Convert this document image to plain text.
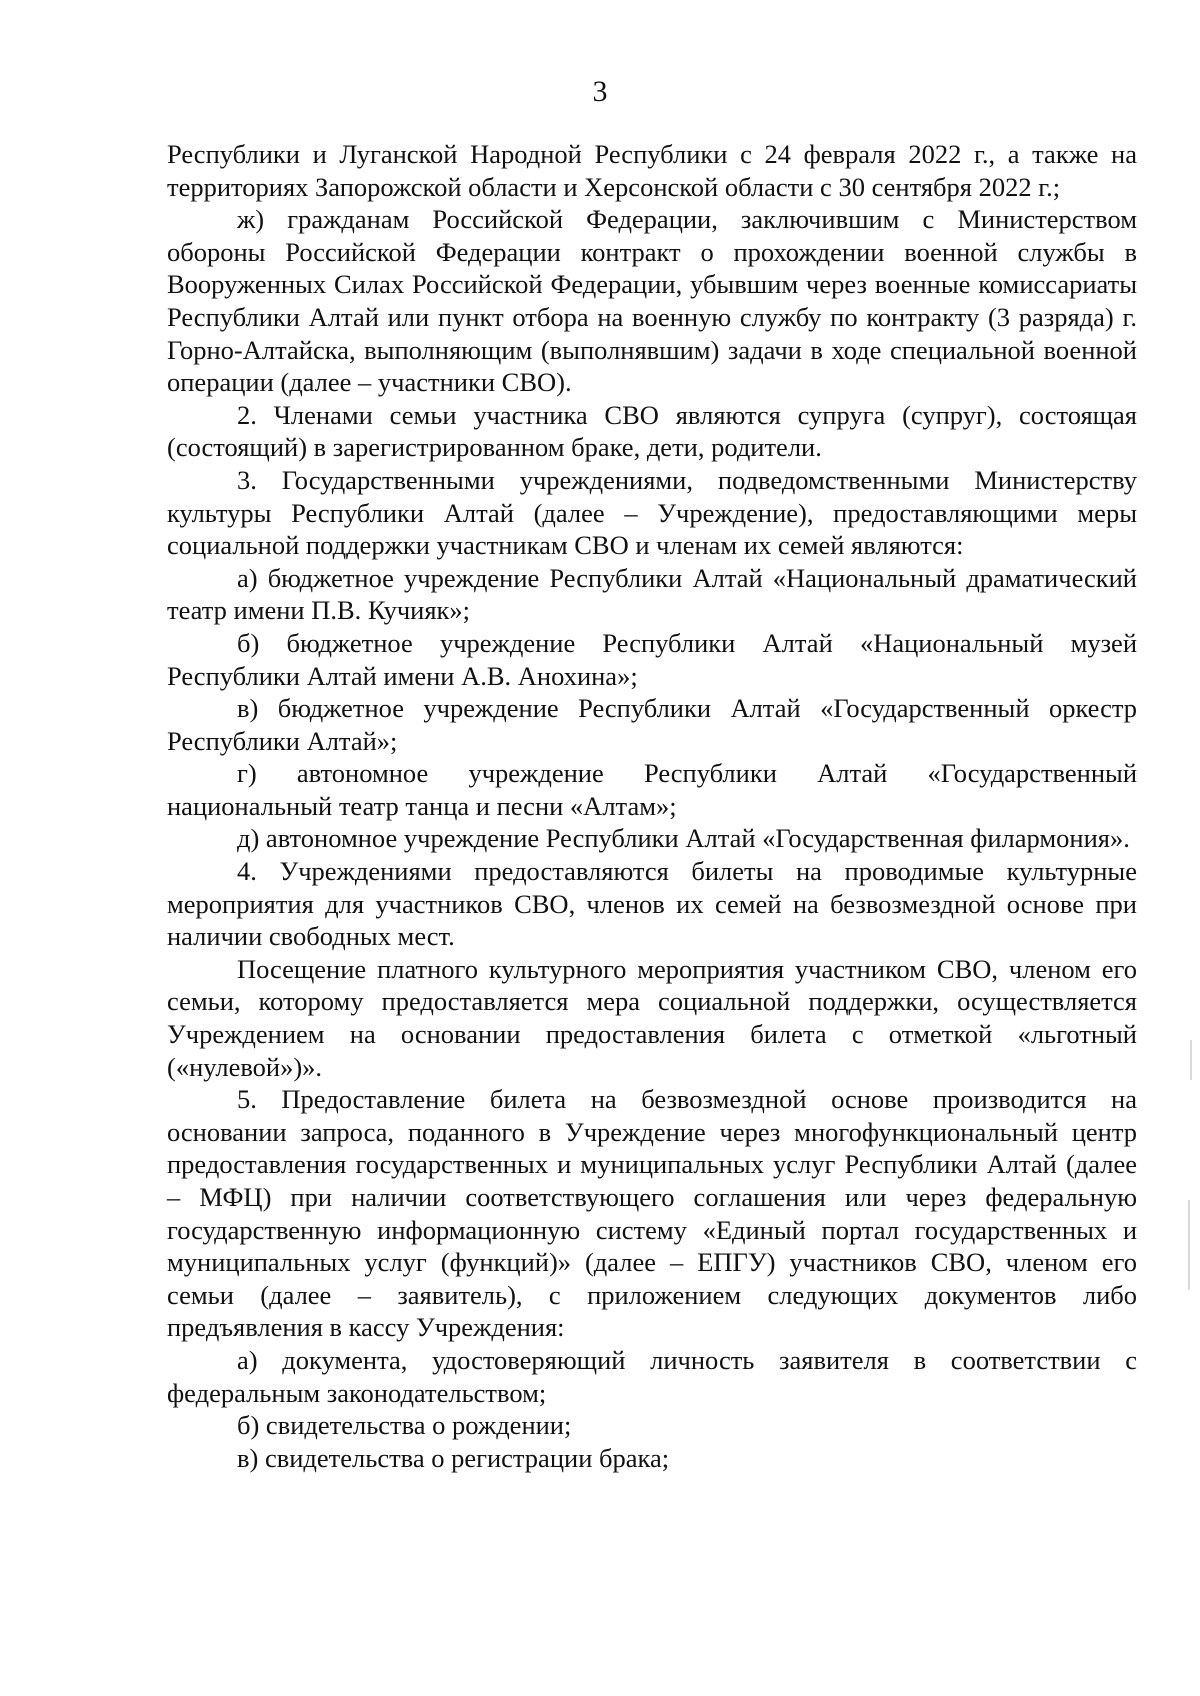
3

Республики и Луганской Народной Республики с 24 февраля 2022 г., а также на территориях Запорожской области и Херсонской области с 30 сентября 2022 г.;

ж) гражданам Российской Федерации, заключившим с Министерством обороны Российской Федерации контракт о прохождении военной службы в Вооруженных Силах Российской Федерации, убывшим через военные комиссариаты Республики Алтай или пункт отбора на военную службу по контракту (3 разряда) г. Горно-Алтайска, выполняющим (выполнявшим) задачи в ходе специальной военной операции (далее – участники СВО).

2. Членами семьи участника СВО являются супруга (супруг), состоящая (состоящий) в зарегистрированном браке, дети, родители.

3. Государственными учреждениями, подведомственными Министерству культуры Республики Алтай (далее – Учреждение), предоставляющими меры социальной поддержки участникам СВО и членам их семей являются:

а) бюджетное учреждение Республики Алтай «Национальный драматический театр имени П.В. Кучияк»;

б) бюджетное учреждение Республики Алтай «Национальный музей Республики Алтай имени А.В. Анохина»;

в) бюджетное учреждение Республики Алтай «Государственный оркестр Республики Алтай»;

г) автономное учреждение Республики Алтай «Государственный национальный театр танца и песни «Алтам»;

д) автономное учреждение Республики Алтай «Государственная филармония».

4. Учреждениями предоставляются билеты на проводимые культурные мероприятия для участников СВО, членов их семей на безвозмездной основе при наличии свободных мест.

Посещение платного культурного мероприятия участником СВО, членом его семьи, которому предоставляется мера социальной поддержки, осуществляется Учреждением на основании предоставления билета с отметкой «льготный («нулевой»)».

5. Предоставление билета на безвозмездной основе производится на основании запроса, поданного в Учреждение через многофункциональный центр предоставления государственных и муниципальных услуг Республики Алтай (далее – МФЦ) при наличии соответствующего соглашения или через федеральную государственную информационную систему «Единый портал государственных и муниципальных услуг (функций)» (далее – ЕПГУ) участников СВО, членом его семьи (далее – заявитель), с приложением следующих документов либо предъявления в кассу Учреждения:

а) документа, удостоверяющий личность заявителя в соответствии с федеральным законодательством;

б) свидетельства о рождении;

в) свидетельства о регистрации брака;
